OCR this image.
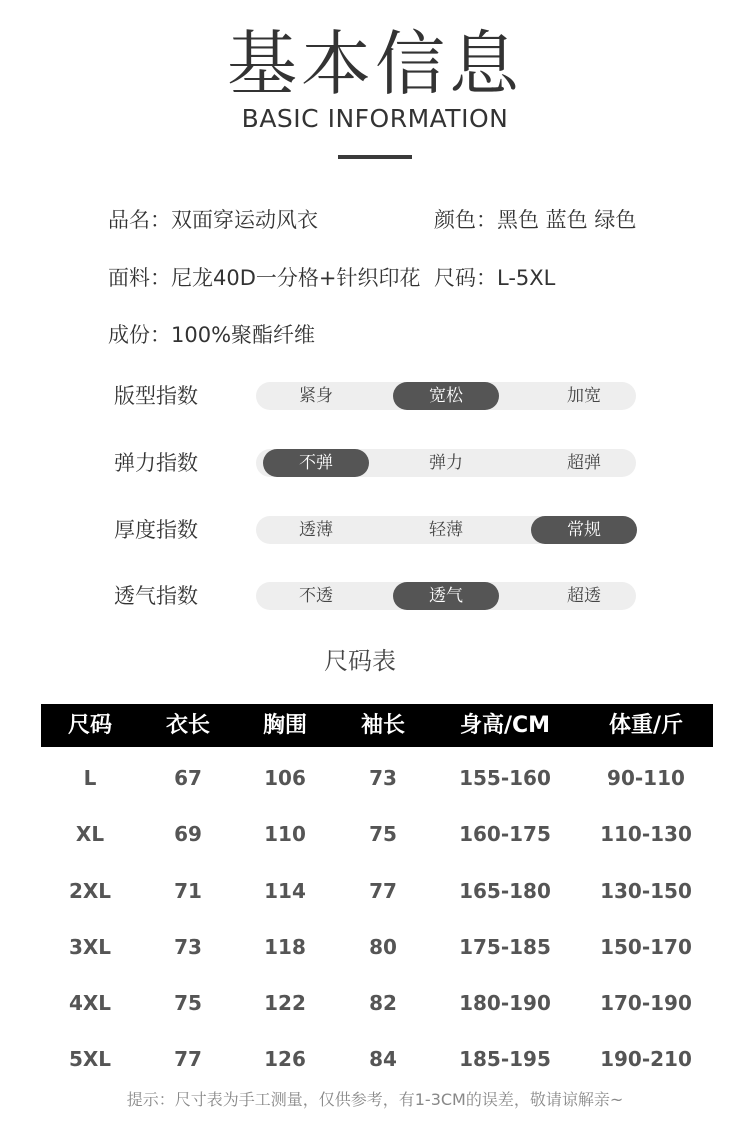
基本信息
BASIC INFORMATION
品名：双面穿运动风衣	颜色：黑色 蓝色 绿色
面料：尼龙40D一分格+针织印花 尺码：L-5XL
成份：100%聚酯纤维
版型指数	紧身	宽松	加宽
弹力指数	不弹	弹力	超弹
厚度指数	透薄	轻薄	常规
透气指数	不透	透气	超透
尺码表
尺码	衣长	胸围	袖长	身高/CM	体重/斤
L	67	106	73	155-160	90-110
XL	69	110	75	160-175	110-130
2XL	71	114	77	165-180	130-150
3XL	73	118	80	175-185	150-170
4XL	75	122	82	180-190	170-190
5XL	77	126	84	185-195	190-210
提示：尺寸表为手工测量，仅供参考，有1-3CM的误差，敬请谅解亲~
